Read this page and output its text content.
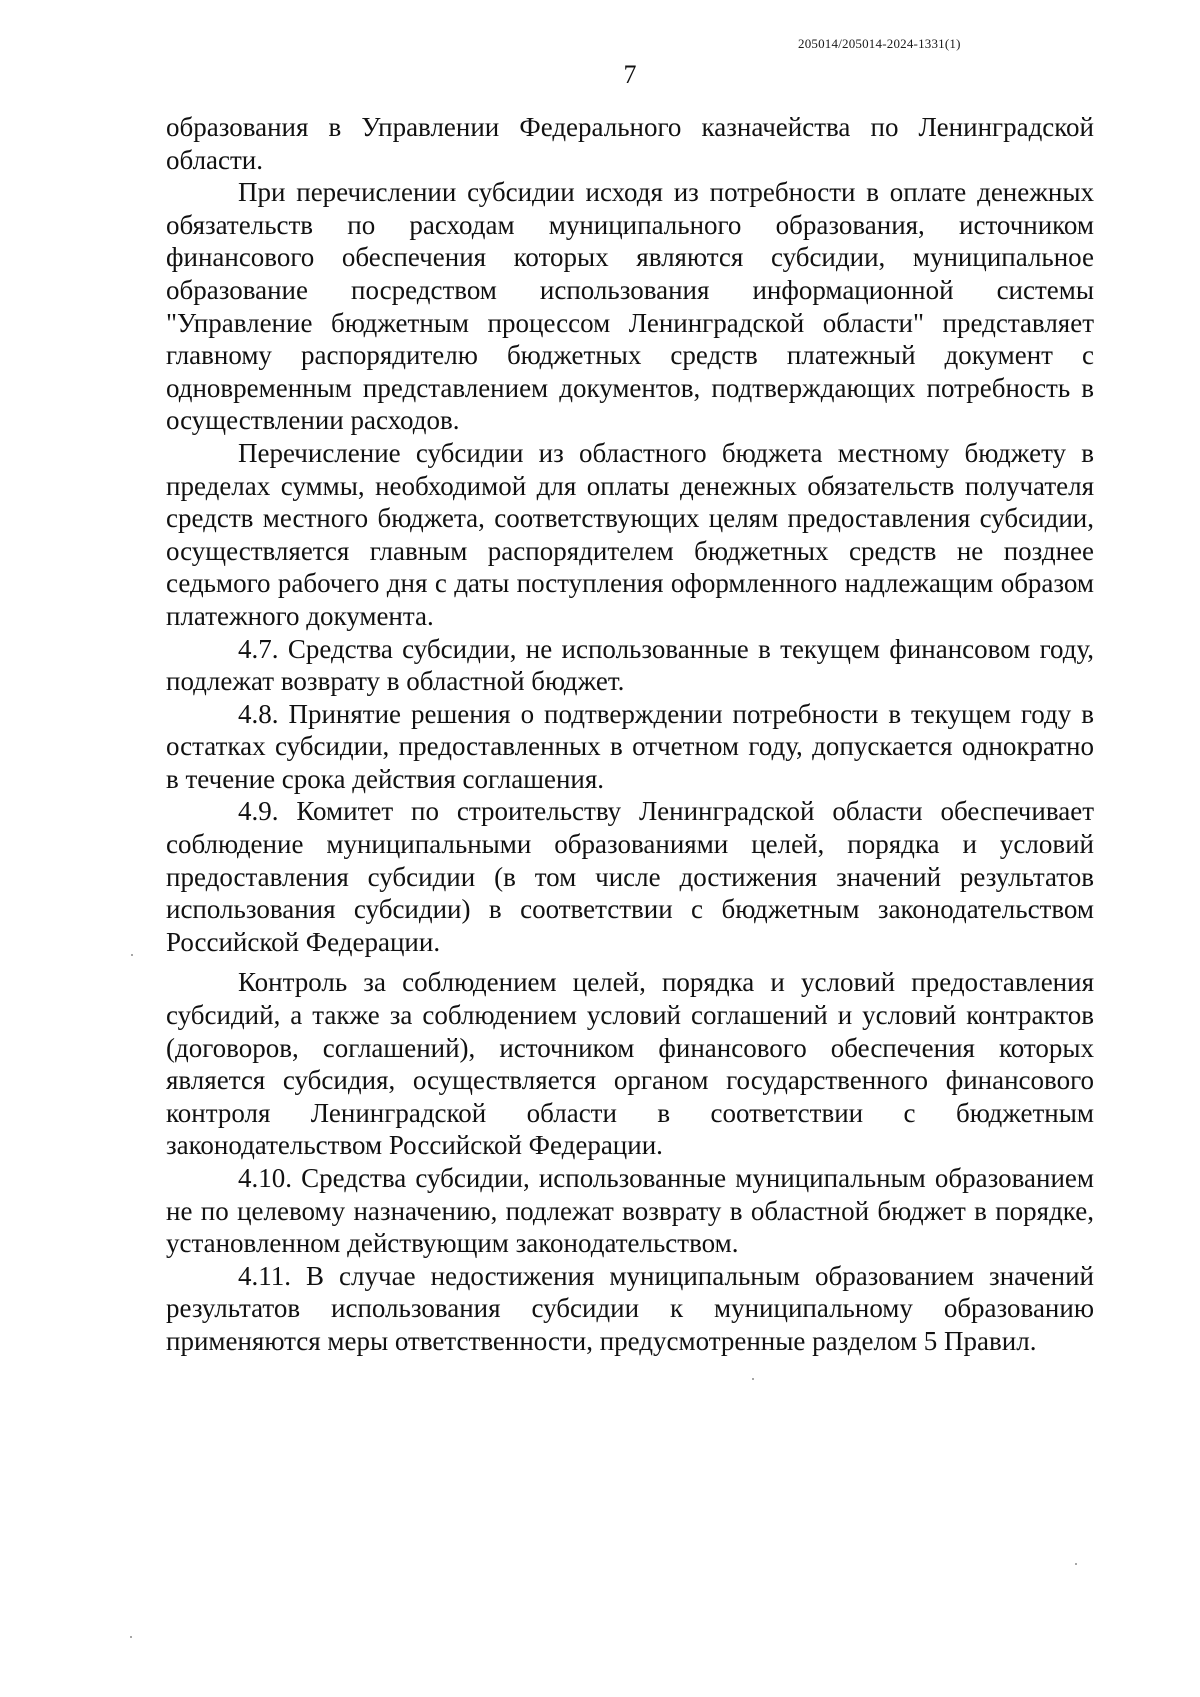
205014/205014-2024-1331(1)
7

образования в Управлении Федерального казначейства по Ленинградской области.

При перечислении субсидии исходя из потребности в оплате денежных обязательств по расходам муниципального образования, источником финансового обеспечения которых являются субсидии, муниципальное образование посредством использования информационной системы "Управление бюджетным процессом Ленинградской области" представляет главному распорядителю бюджетных средств платежный документ с одновременным представлением документов, подтверждающих потребность в осуществлении расходов.

Перечисление субсидии из областного бюджета местному бюджету в пределах суммы, необходимой для оплаты денежных обязательств получателя средств местного бюджета, соответствующих целям предоставления субсидии, осуществляется главным распорядителем бюджетных средств не позднее седьмого рабочего дня с даты поступления оформленного надлежащим образом платежного документа.

4.7. Средства субсидии, не использованные в текущем финансовом году, подлежат возврату в областной бюджет.

4.8. Принятие решения о подтверждении потребности в текущем году в остатках субсидии, предоставленных в отчетном году, допускается однократно в течение срока действия соглашения.

4.9. Комитет по строительству Ленинградской области обеспечивает соблюдение муниципальными образованиями целей, порядка и условий предоставления субсидии (в том числе достижения значений результатов использования субсидии) в соответствии с бюджетным законодательством Российской Федерации.

Контроль за соблюдением целей, порядка и условий предоставления субсидий, а также за соблюдением условий соглашений и условий контрактов (договоров, соглашений), источником финансового обеспечения которых является субсидия, осуществляется органом государственного финансового контроля Ленинградской области в соответствии с бюджетным законодательством Российской Федерации.

4.10. Средства субсидии, использованные муниципальным образованием не по целевому назначению, подлежат возврату в областной бюджет в порядке, установленном действующим законодательством.

4.11. В случае недостижения муниципальным образованием значений результатов использования субсидии к муниципальному образованию применяются меры ответственности, предусмотренные разделом 5 Правил.
